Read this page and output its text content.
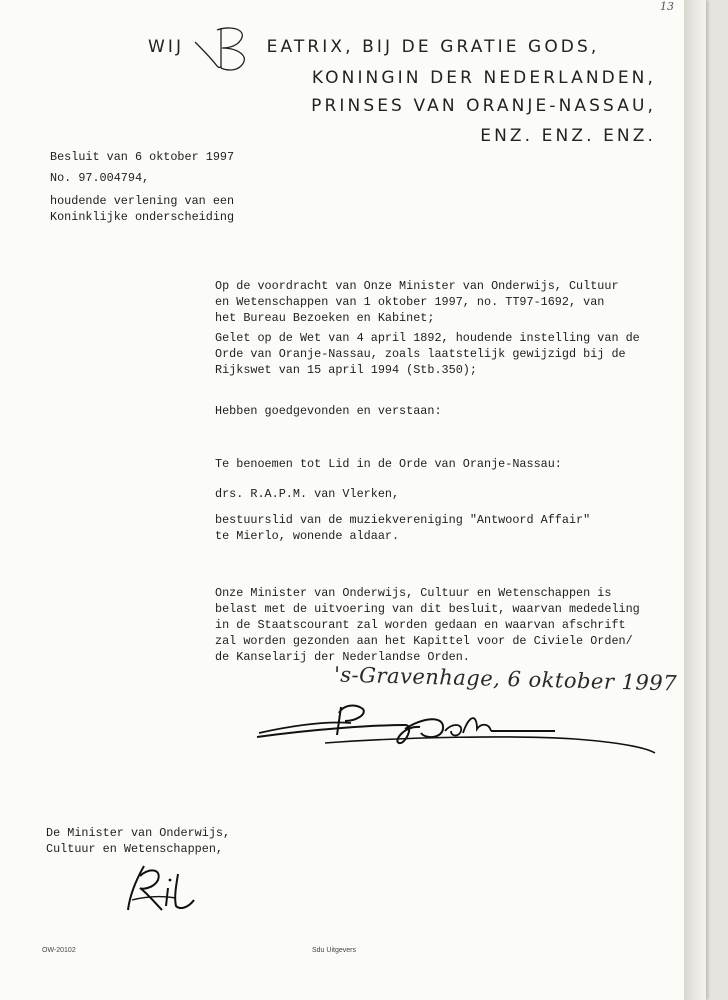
13
WIJ	EATRIX, BIJ DE GRATIE GODS,
KONINGIN DER NEDERLANDEN,
PRINSES VAN ORANJE-NASSAU,
ENZ. ENZ. ENZ.
Besluit van 6 oktober 1997
No. 97.004794,
houdende verlening van een
Koninklijke onderscheiding
Op de voordracht van Onze Minister van Onderwijs, Cultuur
en Wetenschappen van 1 oktober 1997, no. TT97-1692, van
het Bureau Bezoeken en Kabinet;
Gelet op de Wet van 4 april 1892, houdende instelling van de
Orde van Oranje-Nassau, zoals laatstelijk gewijzigd bij de
Rijkswet van 15 april 1994 (Stb.350);
Hebben goedgevonden en verstaan:
Te benoemen tot Lid in de Orde van Oranje-Nassau:
drs. R.A.P.M. van Vlerken,
bestuurslid van de muziekvereniging "Antwoord Affair"
te Mierlo, wonende aldaar.
Onze Minister van Onderwijs, Cultuur en Wetenschappen is
belast met de uitvoering van dit besluit, waarvan mededeling
in de Staatscourant zal worden gedaan en waarvan afschrift
zal worden gezonden aan het Kapittel voor de Civiele Orden/
de Kanselarij der Nederlandse Orden.
's-Gravenhage, 6 oktober 1997
De Minister van Onderwijs,
Cultuur en Wetenschappen,
OW-20102	Sdu Uitgevers
